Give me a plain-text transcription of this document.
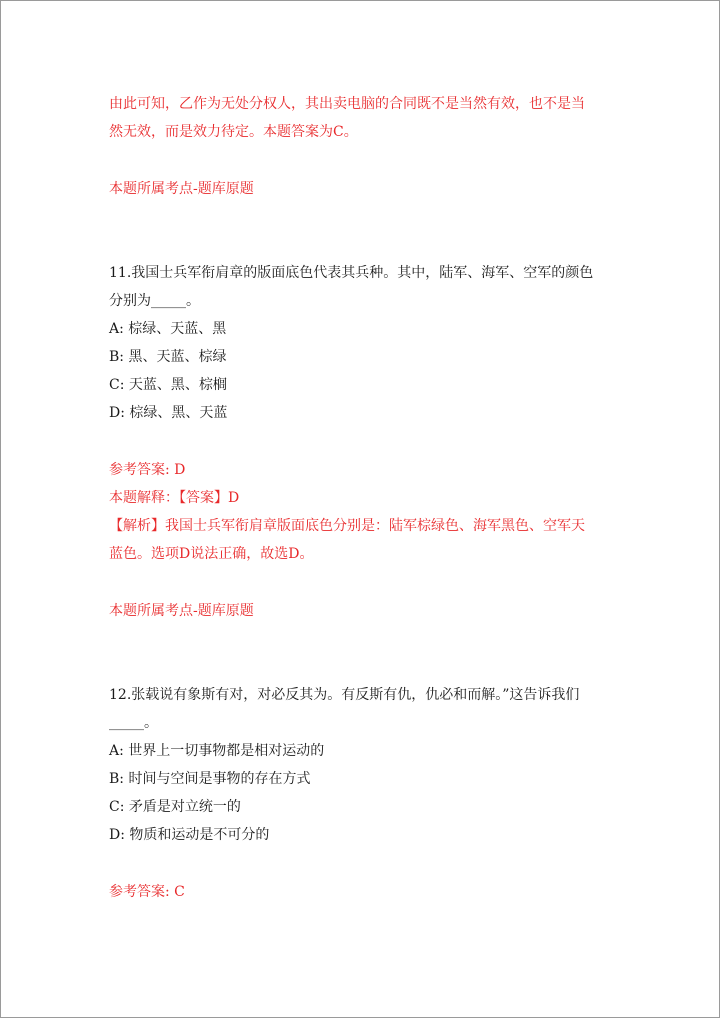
由此可知，乙作为无处分权人，其出卖电脑的合同既不是当然有效，也不是当
然无效，而是效力待定。本题答案为C。
本题所属考点-题库原题
11.我国士兵军衔肩章的版面底色代表其兵种。其中，陆军、海军、空军的颜色
分别为_____。
A: 棕绿、天蓝、黑
B: 黑、天蓝、棕绿
C: 天蓝、黑、棕榈
D: 棕绿、黑、天蓝
参考答案: D
本题解释：【答案】D
【解析】我国士兵军衔肩章版面底色分别是：陆军棕绿色、海军黑色、空军天
蓝色。选项D说法正确，故选D。
本题所属考点-题库原题
12.张载说有象斯有对，对必反其为。有反斯有仇，仇必和而解。”这告诉我们
_____。
A: 世界上一切事物都是相对运动的
B: 时间与空间是事物的存在方式
C: 矛盾是对立统一的
D: 物质和运动是不可分的
参考答案: C
